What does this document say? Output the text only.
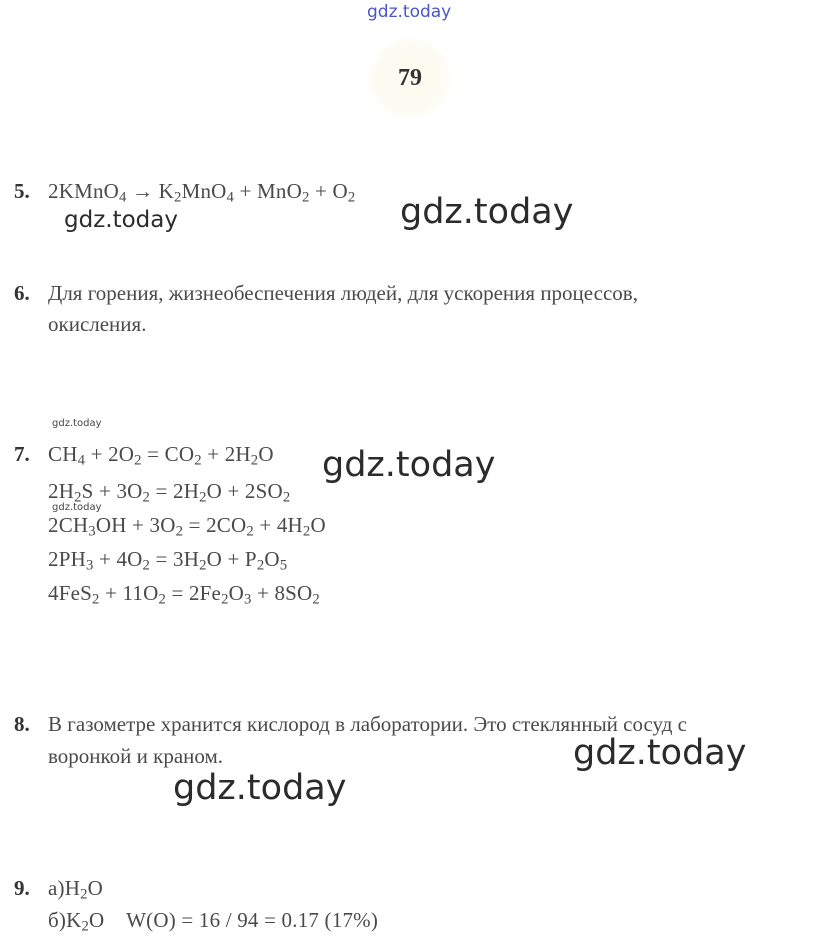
gdz.today
gdz.today	gdz.today
gdz.today
gdz.today
gdz.today
gdz.today
gdz.today
79
5. 2KMnO$_4$ → $K_2MnO_4 + MnO_2 + O_2$
6. Для горения, жизнеобеспечения людей, для ускорения процессов,
окисления.
7. $CH_4 + 2O_2 = CO_2 + 2H_2O$
$2H_2S + 3O_2 = 2H_2O + 2SO_2$
$2CH_3OH + 3O_2 = 2CO_2 + 4H_2O$
$2PH_3 + 4O_2 = 3H_2O + P_2O_5$
$4FeS_2 + 11O_2 = 2Fe_2O_3 + 8SO_2$
8. В газометре хранится кислород в лаборатории. Это стеклянный сосуд с
воронкой и краном.
9. $а)H_2O$
$б)K_2O$    W(O) = 16 / 94 = 0.17 (17%)
